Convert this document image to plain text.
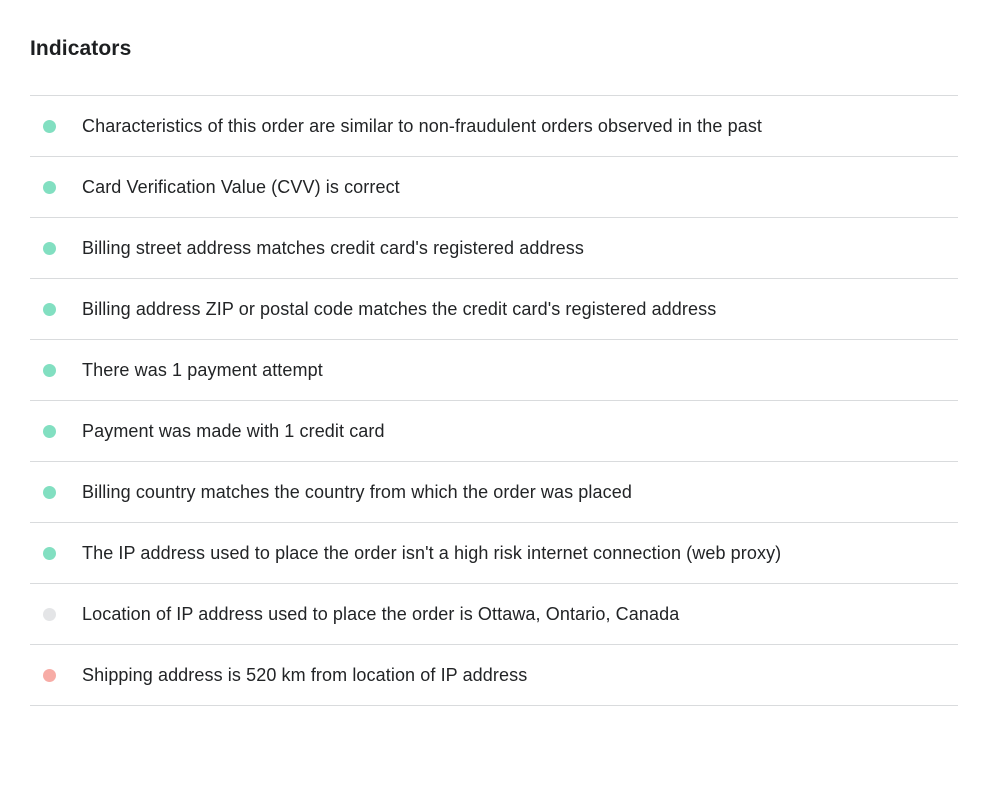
Indicators
Characteristics of this order are similar to non-fraudulent orders observed in the past
Card Verification Value (CVV) is correct
Billing street address matches credit card's registered address
Billing address ZIP or postal code matches the credit card's registered address
There was 1 payment attempt
Payment was made with 1 credit card
Billing country matches the country from which the order was placed
The IP address used to place the order isn't a high risk internet connection (web proxy)
Location of IP address used to place the order is Ottawa, Ontario, Canada
Shipping address is 520 km from location of IP address
